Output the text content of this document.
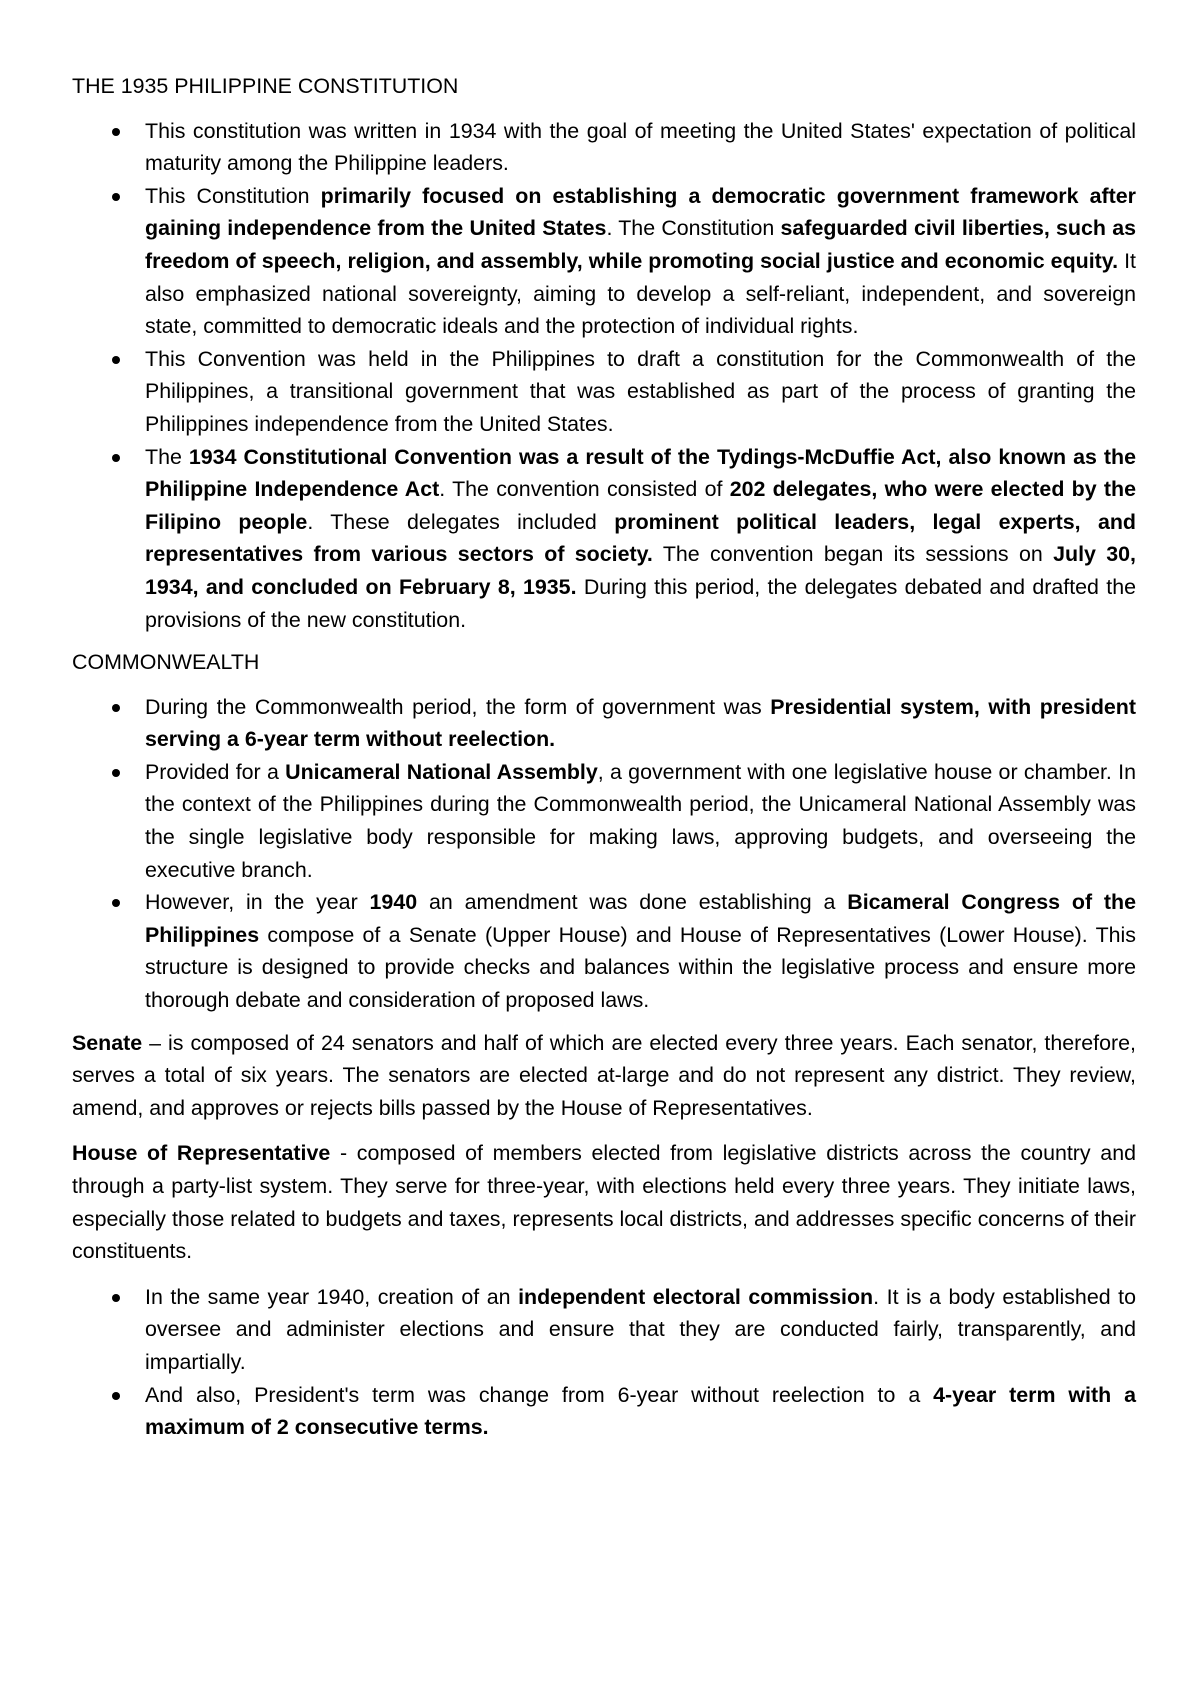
THE 1935 PHILIPPINE CONSTITUTION
This constitution was written in 1934 with the goal of meeting the United States' expectation of political maturity among the Philippine leaders.
This Constitution primarily focused on establishing a democratic government framework after gaining independence from the United States. The Constitution safeguarded civil liberties, such as freedom of speech, religion, and assembly, while promoting social justice and economic equity. It also emphasized national sovereignty, aiming to develop a self-reliant, independent, and sovereign state, committed to democratic ideals and the protection of individual rights.
This Convention was held in the Philippines to draft a constitution for the Commonwealth of the Philippines, a transitional government that was established as part of the process of granting the Philippines independence from the United States.
The 1934 Constitutional Convention was a result of the Tydings-McDuffie Act, also known as the Philippine Independence Act. The convention consisted of 202 delegates, who were elected by the Filipino people. These delegates included prominent political leaders, legal experts, and representatives from various sectors of society. The convention began its sessions on July 30, 1934, and concluded on February 8, 1935. During this period, the delegates debated and drafted the provisions of the new constitution.
COMMONWEALTH
During the Commonwealth period, the form of government was Presidential system, with president serving a 6-year term without reelection.
Provided for a Unicameral National Assembly, a government with one legislative house or chamber. In the context of the Philippines during the Commonwealth period, the Unicameral National Assembly was the single legislative body responsible for making laws, approving budgets, and overseeing the executive branch.
However, in the year 1940 an amendment was done establishing a Bicameral Congress of the Philippines compose of a Senate (Upper House) and House of Representatives (Lower House). This structure is designed to provide checks and balances within the legislative process and ensure more thorough debate and consideration of proposed laws.

Senate – is composed of 24 senators and half of which are elected every three years. Each senator, therefore, serves a total of six years. The senators are elected at-large and do not represent any district. They review, amend, and approves or rejects bills passed by the House of Representatives.

House of Representative - composed of members elected from legislative districts across the country and through a party-list system. They serve for three-year, with elections held every three years. They initiate laws, especially those related to budgets and taxes, represents local districts, and addresses specific concerns of their constituents.

In the same year 1940, creation of an independent electoral commission. It is a body established to oversee and administer elections and ensure that they are conducted fairly, transparently, and impartially.
And also, President's term was change from 6-year without reelection to a 4-year term with a maximum of 2 consecutive terms.
